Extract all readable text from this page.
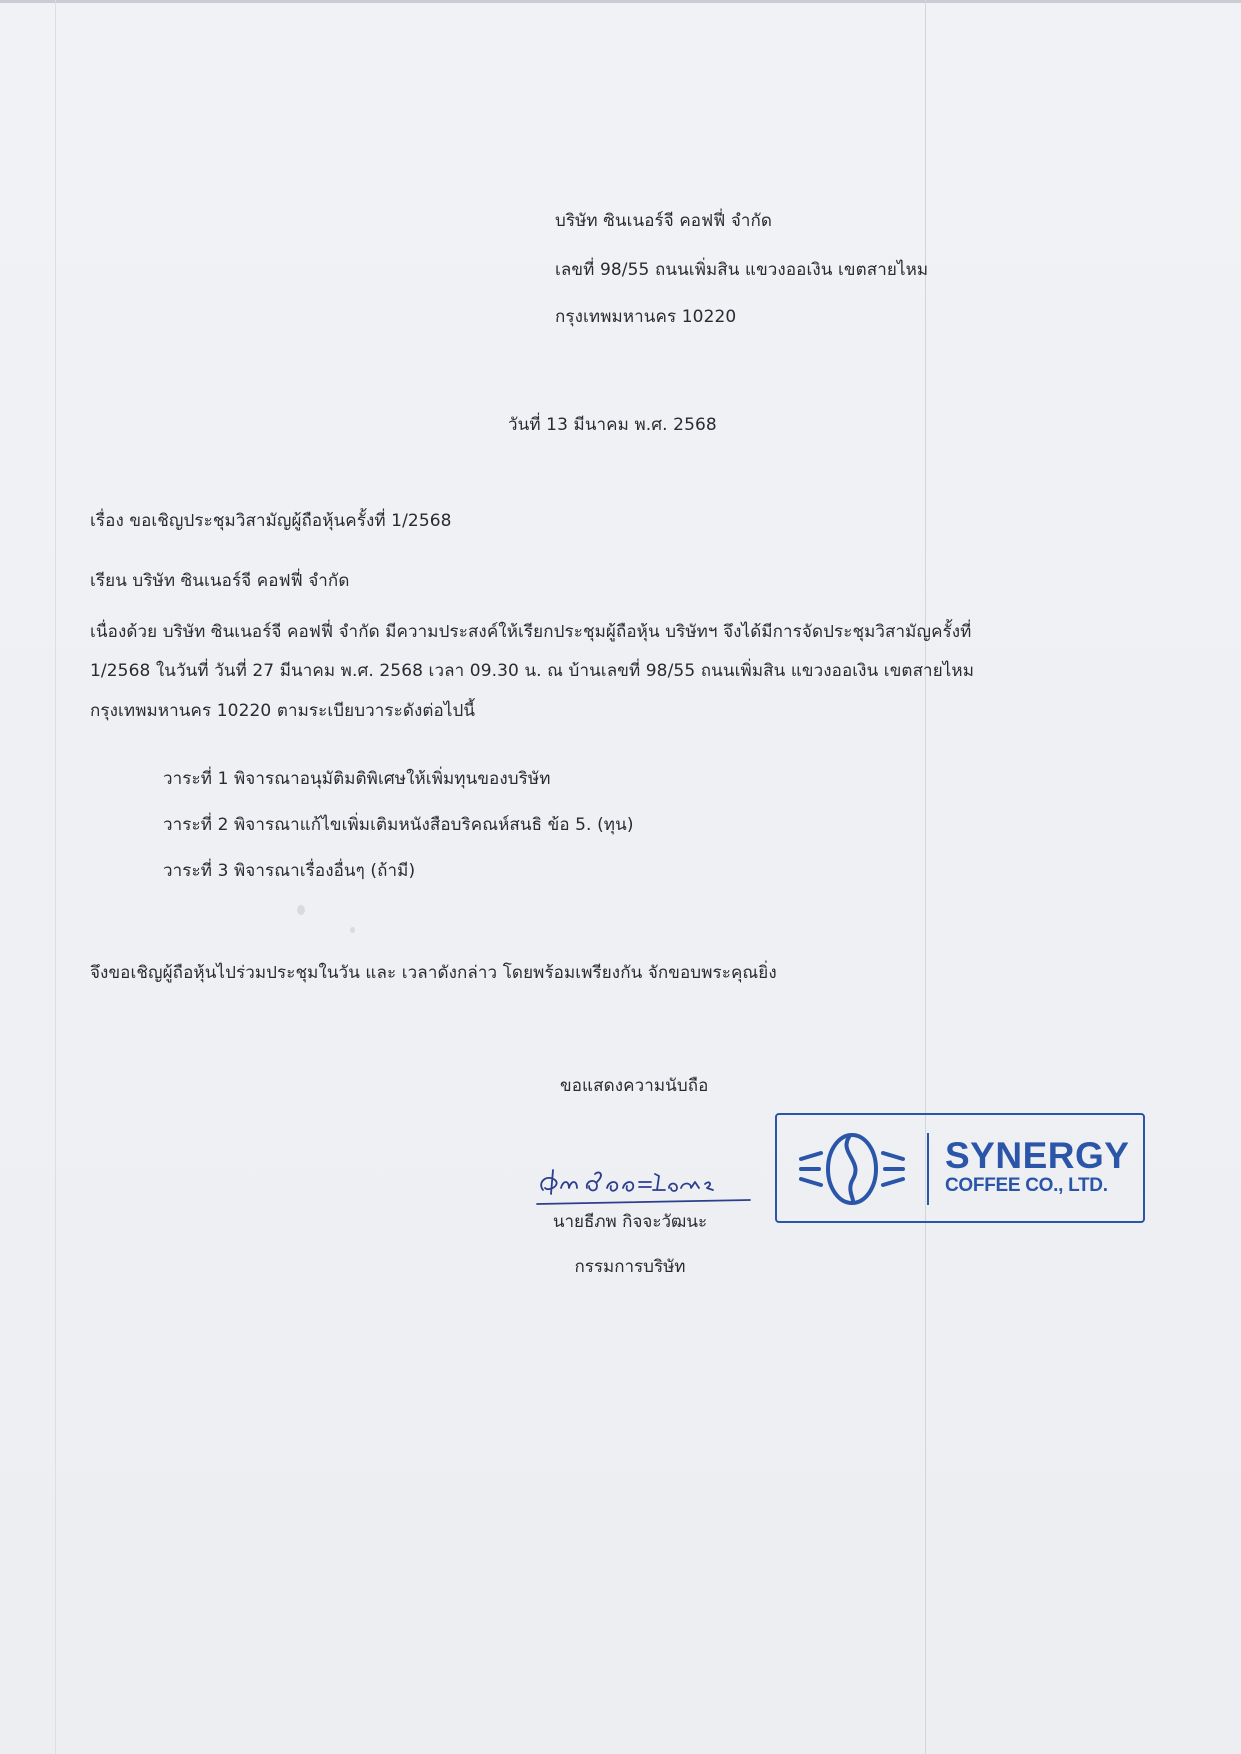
บริษัท ซินเนอร์จี คอฟฟี่ จำกัด
เลขที่ 98/55 ถนนเพิ่มสิน แขวงออเงิน เขตสายไหม
กรุงเทพมหานคร 10220
วันที่ 13 มีนาคม พ.ศ. 2568
เรื่อง ขอเชิญประชุมวิสามัญผู้ถือหุ้นครั้งที่ 1/2568
เรียน บริษัท ซินเนอร์จี คอฟฟี่ จำกัด
เนื่องด้วย บริษัท ซินเนอร์จี คอฟฟี่ จำกัด มีความประสงค์ให้เรียกประชุมผู้ถือหุ้น บริษัทฯ จึงได้มีการจัดประชุมวิสามัญครั้งที่
1/2568 ในวันที่ วันที่ 27 มีนาคม พ.ศ. 2568 เวลา 09.30 น. ณ บ้านเลขที่ 98/55 ถนนเพิ่มสิน แขวงออเงิน เขตสายไหม
กรุงเทพมหานคร 10220 ตามระเบียบวาระดังต่อไปนี้
วาระที่ 1 พิจารณาอนุมัติมติพิเศษให้เพิ่มทุนของบริษัท
วาระที่ 2 พิจารณาแก้ไขเพิ่มเติมหนังสือบริคณห์สนธิ ข้อ 5. (ทุน)
วาระที่ 3 พิจารณาเรื่องอื่นๆ (ถ้ามี)
จึงขอเชิญผู้ถือหุ้นไปร่วมประชุมในวัน และ เวลาดังกล่าว โดยพร้อมเพรียงกัน จักขอบพระคุณยิ่ง
ขอแสดงความนับถือ
นายธีภพ กิจจะวัฒนะ
กรรมการบริษัท
SYNERGY
COFFEE CO., LTD.
